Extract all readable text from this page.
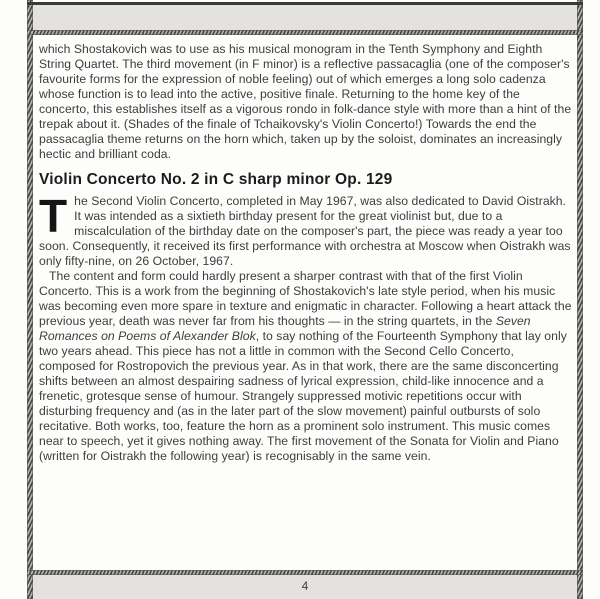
which Shostakovich was to use as his musical monogram in the Tenth Symphony and Eighth String Quartet. The third movement (in F minor) is a reflective passacaglia (one of the composer's favourite forms for the expression of noble feeling) out of which emerges a long solo cadenza whose function is to lead into the active, positive finale. Returning to the home key of the concerto, this establishes itself as a vigorous rondo in folk-dance style with more than a hint of the trepak about it. (Shades of the finale of Tchaikovsky's Violin Concerto!) Towards the end the passacaglia theme returns on the horn which, taken up by the soloist, dominates an increasingly hectic and brilliant coda.

Violin Concerto No. 2 in C sharp minor Op. 129

The Second Violin Concerto, completed in May 1967, was also dedicated to David Oistrakh. It was intended as a sixtieth birthday present for the great violinist but, due to a miscalculation of the birthday date on the composer's part, the piece was ready a year too soon. Consequently, it received its first performance with orchestra at Moscow when Oistrakh was only fifty-nine, on 26 October, 1967.

The content and form could hardly present a sharper contrast with that of the first Violin Concerto. This is a work from the beginning of Shostakovich's late style period, when his music was becoming even more spare in texture and enigmatic in character. Following a heart attack the previous year, death was never far from his thoughts — in the string quartets, in the Seven Romances on Poems of Alexander Blok, to say nothing of the Fourteenth Symphony that lay only two years ahead. This piece has not a little in common with the Second Cello Concerto, composed for Rostropovich the previous year. As in that work, there are the same disconcerting shifts between an almost despairing sadness of lyrical expression, child-like innocence and a frenetic, grotesque sense of humour. Strangely suppressed motivic repetitions occur with disturbing frequency and (as in the later part of the slow movement) painful outbursts of solo recitative. Both works, too, feature the horn as a prominent solo instrument. This music comes near to speech, yet it gives nothing away. The first movement of the Sonata for Violin and Piano (written for Oistrakh the following year) is recognisably in the same vein.

4
